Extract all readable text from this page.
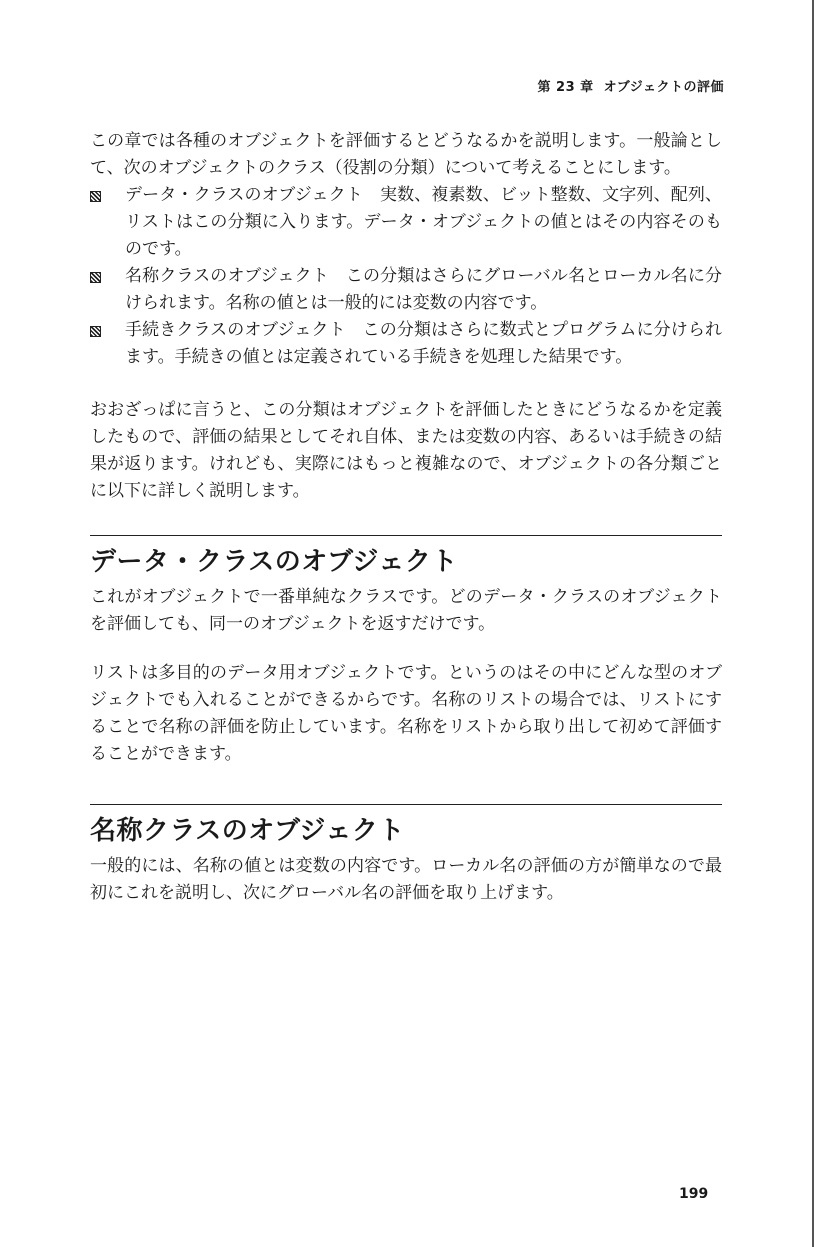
第 23 章 オブジェクトの評価

この章では各種のオブジェクトを評価するとどうなるかを説明します。一般論として、次のオブジェクトのクラス（役割の分類）について考えることにします。

データ・クラスのオブジェクト 実数、複素数、ビット整数、文字列、配列、リストはこの分類に入ります。データ・オブジェクトの値とはその内容そのものです。
名称クラスのオブジェクト この分類はさらにグローバル名とローカル名に分けられます。名称の値とは一般的には変数の内容です。
手続きクラスのオブジェクト この分類はさらに数式とプログラムに分けられます。手続きの値とは定義されている手続きを処理した結果です。

おおざっぱに言うと、この分類はオブジェクトを評価したときにどうなるかを定義したもので、評価の結果としてそれ自体、または変数の内容、あるいは手続きの結果が返ります。けれども、実際にはもっと複雑なので、オブジェクトの各分類ごとに以下に詳しく説明します。

データ・クラスのオブジェクト

これがオブジェクトで一番単純なクラスです。どのデータ・クラスのオブジェクトを評価しても、同一のオブジェクトを返すだけです。

リストは多目的のデータ用オブジェクトです。というのはその中にどんな型のオブジェクトでも入れることができるからです。名称のリストの場合では、リストにすることで名称の評価を防止しています。名称をリストから取り出して初めて評価することができます。

名称クラスのオブジェクト

一般的には、名称の値とは変数の内容です。ローカル名の評価の方が簡単なので最初にこれを説明し、次にグローバル名の評価を取り上げます。

199
